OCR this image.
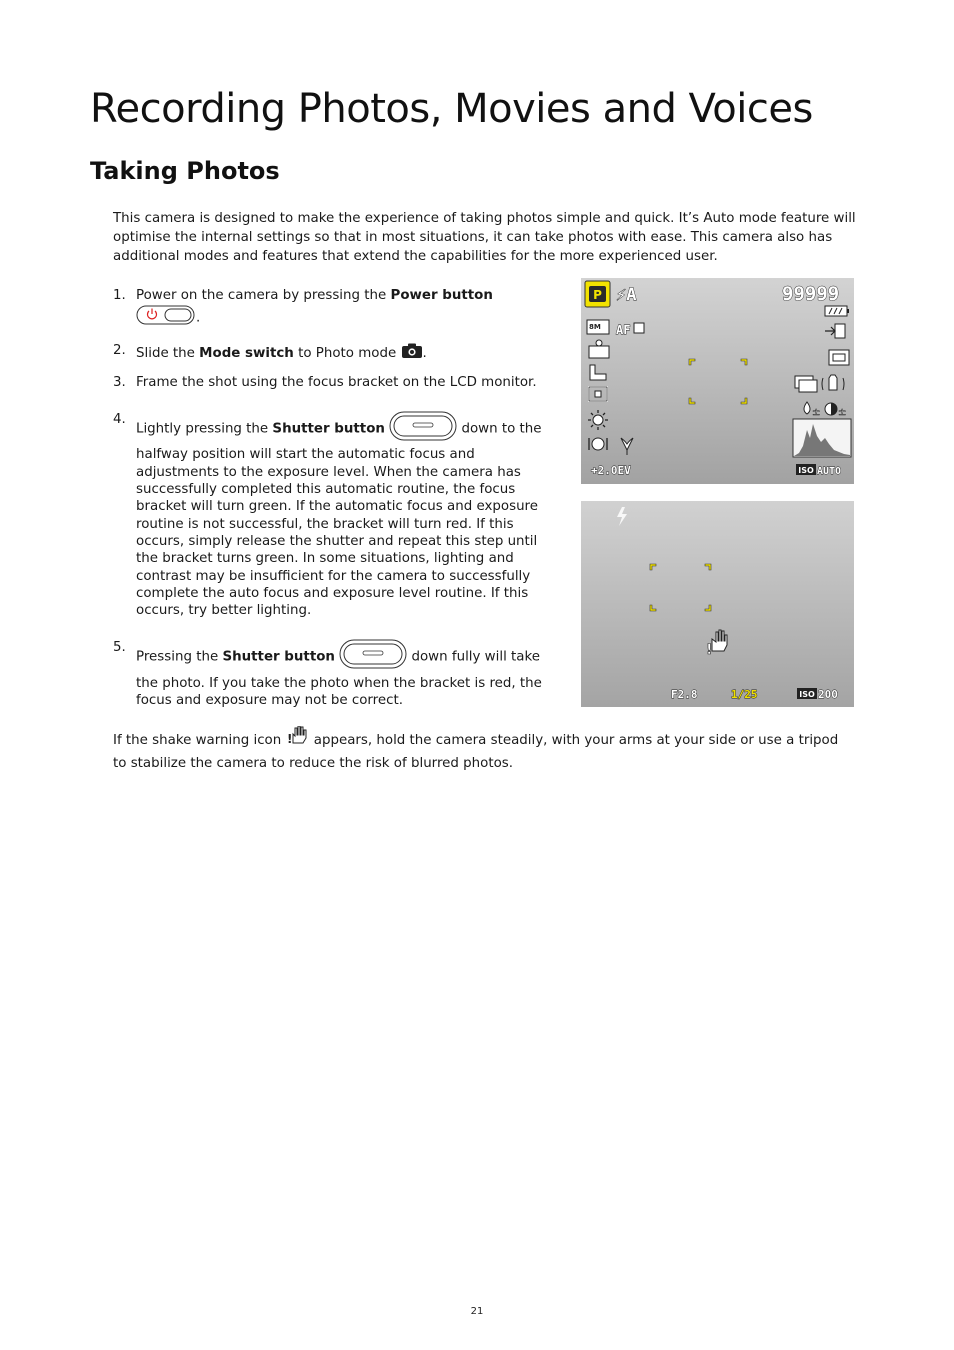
Recording Photos, Movies and Voices
Taking Photos

This camera is designed to make the experience of taking photos simple and quick. It’s Auto mode feature will optimise the internal settings so that in most situations, it can take photos with ease. This camera also has additional modes and features that extend the capabilities for the more experienced user.

1. Power on the camera by pressing the Power button .
2. Slide the Mode switch to Photo mode .
3. Frame the shot using the focus bracket on the LCD monitor.
4.
Lightly pressing the Shutter button	down to the halfway position will start the automatic focus and adjustments to the exposure level. When the camera has successfully completed this automatic routine, the focus bracket will turn green. If the automatic focus and exposure routine is not successful, the bracket will turn red. If this occurs, simply release the shutter and repeat this step until the bracket turns green. In some situations, lighting and contrast may be insufficient for the camera to successfully complete the auto focus and exposure level routine. If this occurs, try better lighting.
5.
Pressing the Shutter button	down fully will take the photo. If you take the photo when the bracket is red, the focus and exposure may not be correct.
P ⚡A	99999
8M AF
+2.0EV
± ±
ISO AUTO
!
F2.8	1/25	ISO 200

If the shake warning icon ! appears, hold the camera steadily, with your arms at your side or use a tripod to stabilize the camera to reduce the risk of blurred photos.

21
